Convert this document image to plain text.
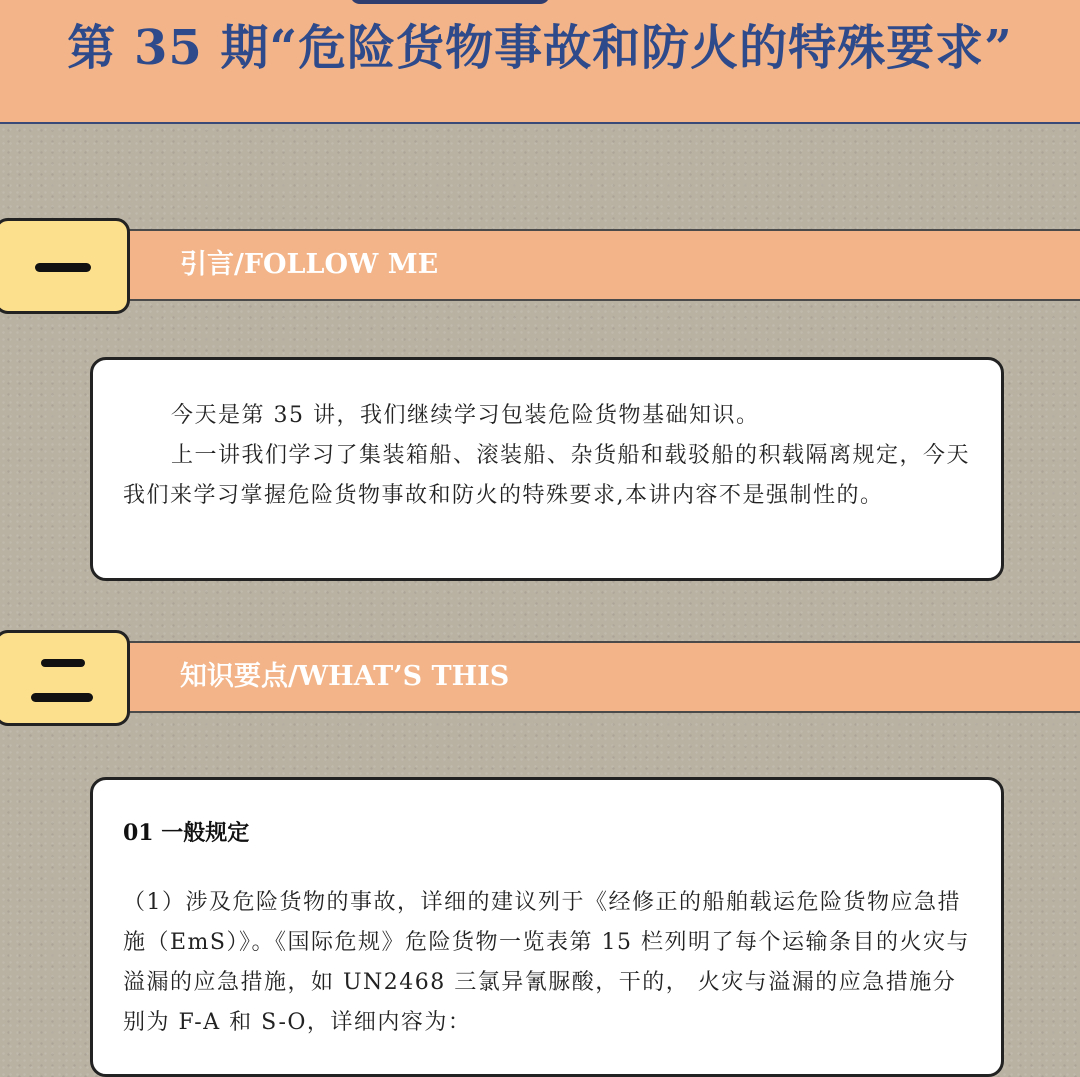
第 35 期“危险货物事故和防火的特殊要求”
引言/FOLLOW ME

今天是第 35 讲，我们继续学习包装危险货物基础知识。

上一讲我们学习了集装箱船、滚装船、杂货船和载驳船的积载隔离规定，今天我们来学习掌握危险货物事故和防火的特殊要求,本讲内容不是强制性的。

知识要点/WHAT’S THIS
01 一般规定

（1）涉及危险货物的事故，详细的建议列于《经修正的船舶载运危险货物应急措施（EmS）》。《国际危规》危险货物一览表第 15 栏列明了每个运输条目的火灾与溢漏的应急措施，如 UN2468 三氯异氰脲酸，干的， 火灾与溢漏的应急措施分别为 F-A 和 S-O，详细内容为：
